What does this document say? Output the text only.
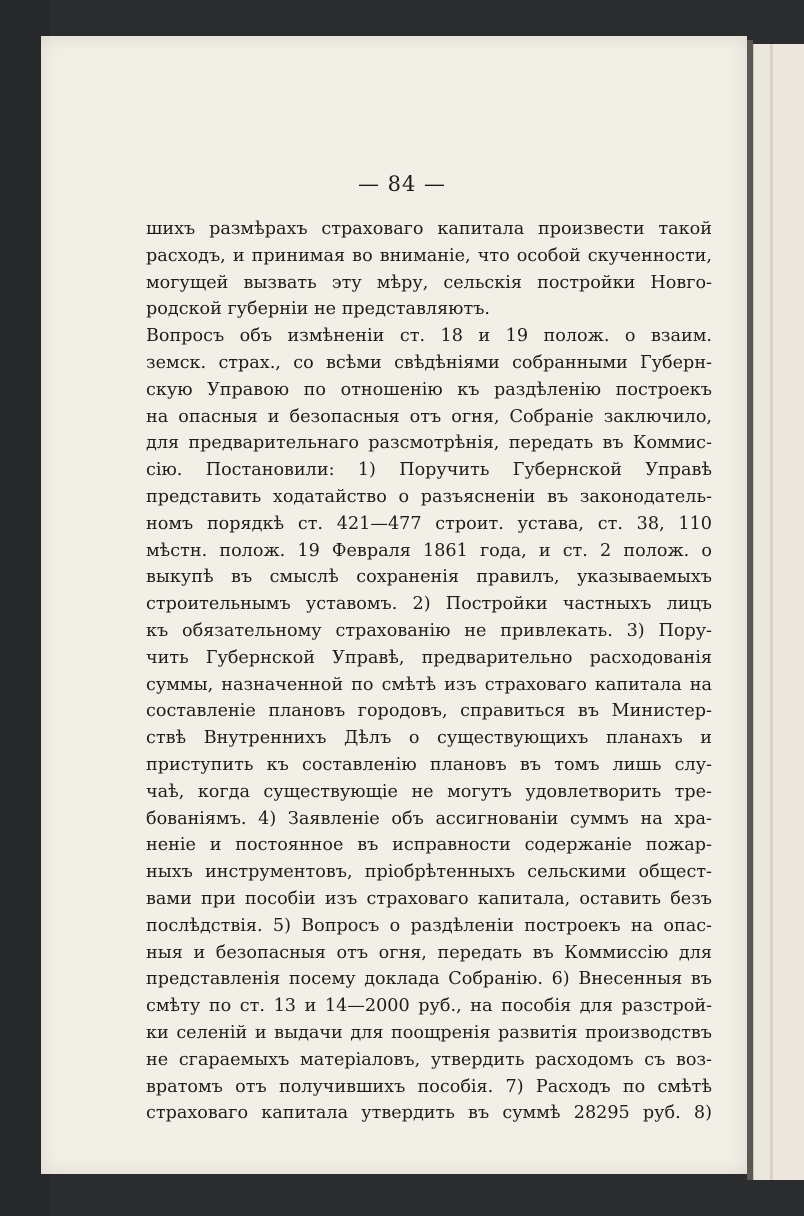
— 84 —
шихъ размѣрахъ страховаго капитала произвести такой
расходъ, и принимая во вниманіе, что особой скученности,
могущей вызвать эту мѣру, сельскія постройки Новго-
родской губерніи не представляютъ.
Вопросъ объ измѣненіи ст. 18 и 19 полож. о взаим.
земск. страх., со всѣми свѣдѣніями собранными Губерн-
скую Управою по отношенію къ раздѣленію построекъ
на опасныя и безопасныя отъ огня, Собраніе заключило,
для предварительнаго разсмотрѣнія, передать въ Коммис-
сію. Постановили: 1) Поручить Губернской Управѣ
представить ходатайство о разъясненіи въ законодатель-
номъ порядкѣ ст. 421—477 строит. устава, ст. 38, 110
мѣстн. полож. 19 Февраля 1861 года, и ст. 2 полож. о
выкупѣ въ смыслѣ сохраненія правилъ, указываемыхъ
строительнымъ уставомъ. 2) Постройки частныхъ лицъ
къ обязательному страхованію не привлекать. 3) Пору-
чить Губернской Управѣ, предварительно расходованія
суммы, назначенной по смѣтѣ изъ страховаго капитала на
составленіе плановъ городовъ, справиться въ Министер-
ствѣ Внутреннихъ Дѣлъ о существующихъ планахъ и
приступить къ составленію плановъ въ томъ лишь слу-
чаѣ, когда существующіе не могутъ удовлетворить тре-
бованіямъ. 4) Заявленіе объ ассигнованіи суммъ на хра-
неніе и постоянное въ исправности содержаніе пожар-
ныхъ инструментовъ, пріобрѣтенныхъ сельскими общест-
вами при пособіи изъ страховаго капитала, оставить безъ
послѣдствія. 5) Вопросъ о раздѣленіи построекъ на опас-
ныя и безопасныя отъ огня, передать въ Коммиссію для
представленія посему доклада Собранію. 6) Внесенныя въ
смѣту по ст. 13 и 14—2000 руб., на пособія для разстрой-
ки селеній и выдачи для поощренія развитія производствъ
не сгараемыхъ матеріаловъ, утвердить расходомъ съ воз-
вратомъ отъ получившихъ пособія. 7) Расходъ по смѣтѣ
страховаго капитала утвердить въ суммѣ 28295 руб. 8)
